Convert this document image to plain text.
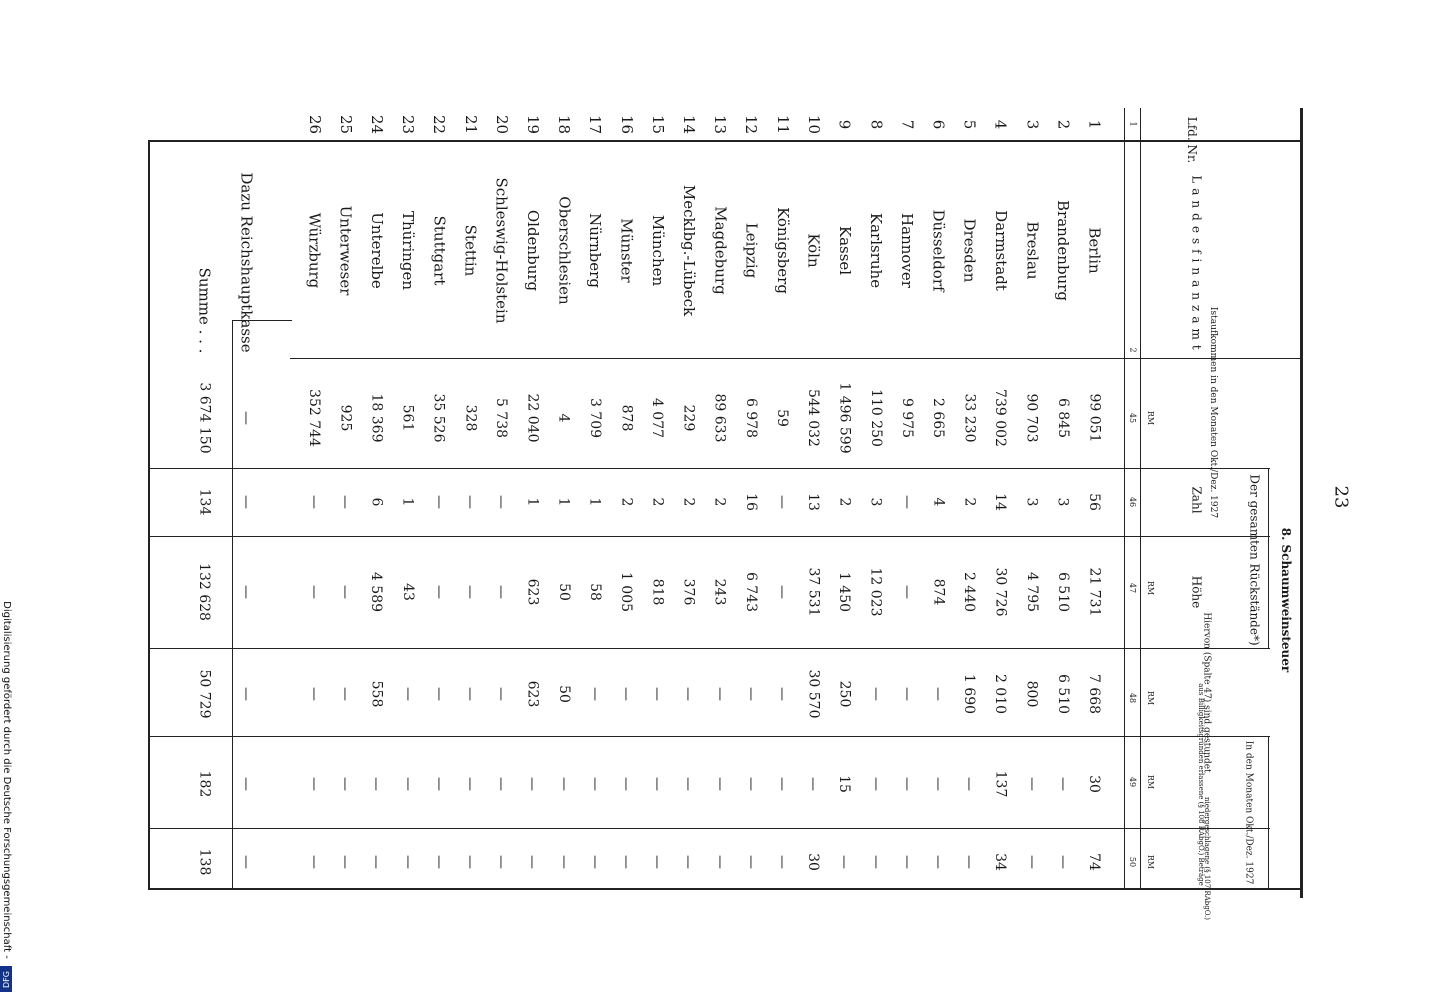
23
8. Schaumweinsteuer
Lfd. Nr.
Landesfinanzamt
Istaufkommen in den Monaten Okt./Dez. 1927
Der gesamten Rückstände*)
Zahl
Höhe
Hiervon (Spalte 47) sind gestundet
In den Monaten Okt./Dez. 1927
aus Billigkeitsgründen erlassene (§ 108 RAbgO.) Beträge
niedergeschlagene (§ 107 RAbgO.)
1
2
45
46
47
48
49
50
RM
RM
RM
RM
RM
1
Berlin
99 051
56
21 731
7 668
30
74
2
Brandenburg
6 845
3
6 510
6 510
—
—
3
Breslau
90 703
3
4 795
800
—
—
4
Darmstadt
739 002
14
30 726
2 010
137
34
5
Dresden
33 230
2
2 440
1 690
—
—
6
Düsseldorf
2 665
4
874
—
—
—
7
Hannover
9 975
—
—
—
—
—
8
Karlsruhe
110 250
3
12 023
—
—
—
9
Kassel
1 496 599
2
1 450
250
15
—
10
Köln
544 032
13
37 531
30 570
—
30
11
Königsberg
59
—
—
—
—
—
12
Leipzig
6 978
16
6 743
—
—
—
13
Magdeburg
89 633
2
243
—
—
—
14
Mecklbg.-Lübeck
229
2
376
—
—
—
15
München
4 077
2
818
—
—
—
16
Münster
878
2
1 005
—
—
—
17
Nürnberg
3 709
1
58
—
—
—
18
Oberschlesien
4
1
50
50
—
—
19
Oldenburg
22 040
1
623
623
—
—
20
Schleswig-Holstein
5 738
—
—
—
—
—
21
Stettin
328
—
—
—
—
—
22
Stuttgart
35 526
—
—
—
—
—
23
Thüringen
561
1
43
—
—
—
24
Unterelbe
18 369
6
4 589
558
—
—
25
Unterweser
925
—
—
—
—
—
26
Würzburg
352 744
—
—
—
—
—
Dazu Reichshauptkasse
—
—
—
—
—
—
Summe . . .
3 674 150
134
132 628
50 729
182
138
Digitalisierung gefördert durch die Deutsche Forschungsgemeinschaft -
DFG
